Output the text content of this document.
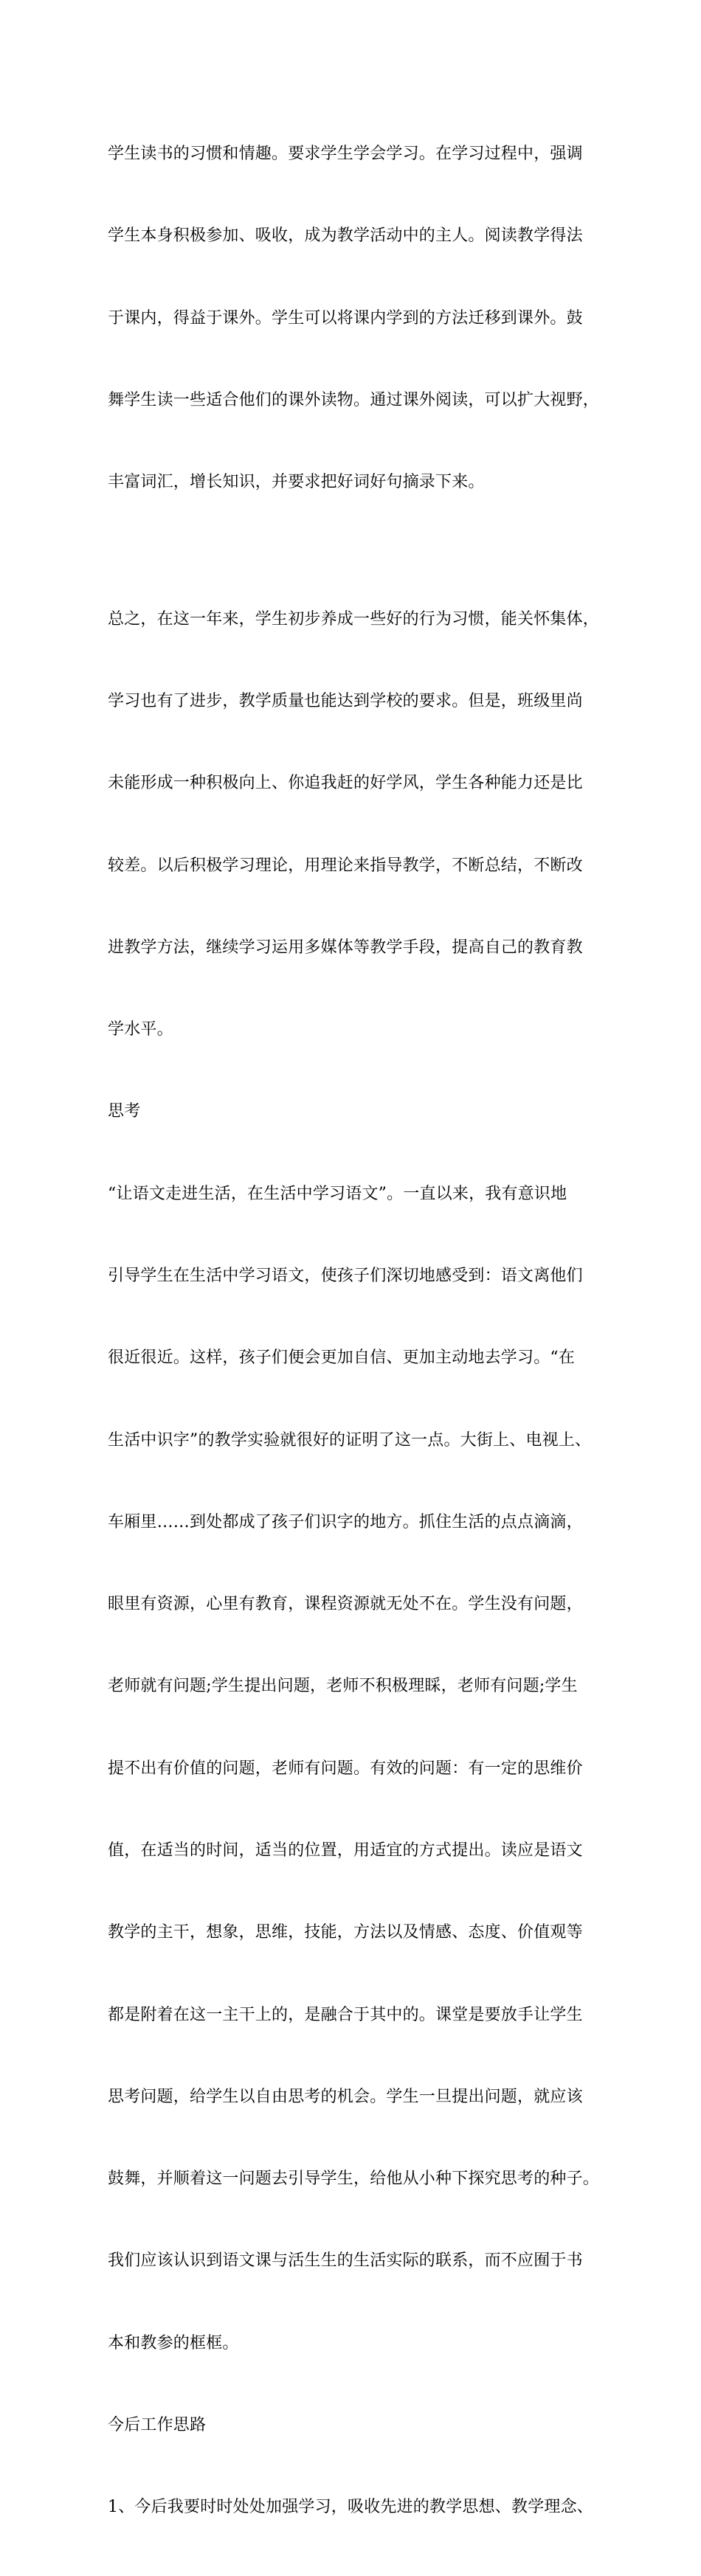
学生读书的习惯和情趣。要求学生学会学习。在学习过程中，强调

学生本身积极参加、吸收，成为教学活动中的主人。阅读教学得法

于课内，得益于课外。学生可以将课内学到的方法迁移到课外。鼓

舞学生读一些适合他们的课外读物。通过课外阅读，可以扩大视野，

丰富词汇，增长知识，并要求把好词好句摘录下来。

总之，在这一年来，学生初步养成一些好的行为习惯，能关怀集体，

学习也有了进步，教学质量也能达到学校的要求。但是，班级里尚

未能形成一种积极向上、你追我赶的好学风，学生各种能力还是比

较差。以后积极学习理论，用理论来指导教学，不断总结，不断改

进教学方法，继续学习运用多媒体等教学手段，提高自己的教育教

学水平。

思考

“让语文走进生活，在生活中学习语文”。一直以来，我有意识地

引导学生在生活中学习语文，使孩子们深切地感受到：语文离他们

很近很近。这样，孩子们便会更加自信、更加主动地去学习。“在

生活中识字”的教学实验就很好的证明了这一点。大街上、电视上、

车厢里……到处都成了孩子们识字的地方。抓住生活的点点滴滴，

眼里有资源，心里有教育，课程资源就无处不在。学生没有问题，

老师就有问题;学生提出问题，老师不积极理睬，老师有问题;学生

提不出有价值的问题，老师有问题。有效的问题：有一定的思维价

值，在适当的时间，适当的位置，用适宜的方式提出。读应是语文

教学的主干，想象，思维，技能，方法以及情感、态度、价值观等

都是附着在这一主干上的，是融合于其中的。课堂是要放手让学生

思考问题，给学生以自由思考的机会。学生一旦提出问题，就应该

鼓舞，并顺着这一问题去引导学生，给他从小种下探究思考的种子。

我们应该认识到语文课与活生生的生活实际的联系，而不应囿于书

本和教参的框框。

今后工作思路

1、今后我要时时处处加强学习，吸收先进的教学思想、教学理念、
